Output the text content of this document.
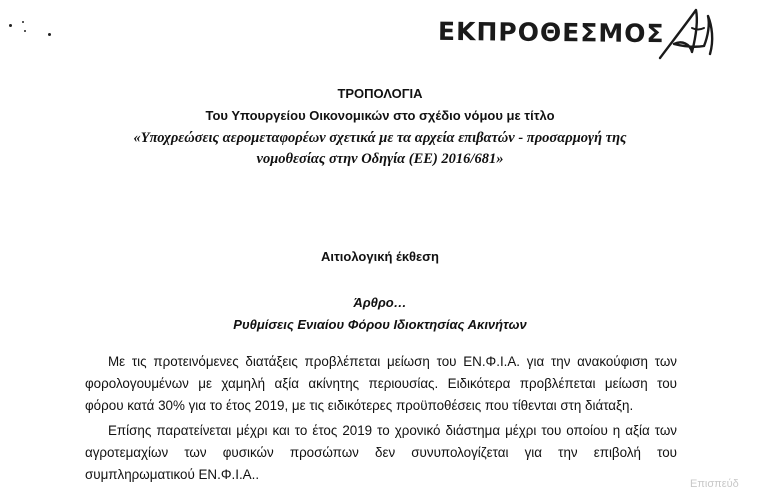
ΕΚΠΡΟΘΕΣΜΟΣ
ΤΡΟΠΟΛΟΓΙΑ
Του Υπουργείου Οικονομικών στο σχέδιο νόμου με τίτλο
«Υποχρεώσεις αερομεταφορέων σχετικά με τα αρχεία επιβατών - προσαρμογή της
νομοθεσίας στην Οδηγία (ΕΕ) 2016/681»
Αιτιολογική έκθεση
Άρθρο…
Ρυθμίσεις Ενιαίου Φόρου Ιδιοκτησίας Ακινήτων
Με τις προτεινόμενες διατάξεις προβλέπεται μείωση του ΕΝ.Φ.Ι.Α. για την ανακούφιση των
φορολογουμένων με χαμηλή αξία ακίνητης περιουσίας. Ειδικότερα προβλέπεται μείωση του
φόρου κατά 30% για το έτος 2019, με τις ειδικότερες προϋποθέσεις που τίθενται στη διάταξη.
Επίσης παρατείνεται μέχρι και το έτος 2019 το χρονικό διάστημα μέχρι του οποίου η αξία των
αγροτεμαχίων των φυσικών προσώπων δεν συνυπολογίζεται για την επιβολή του
συμπληρωματικού ΕΝ.Φ.Ι.Α..
Επισπεύδ
